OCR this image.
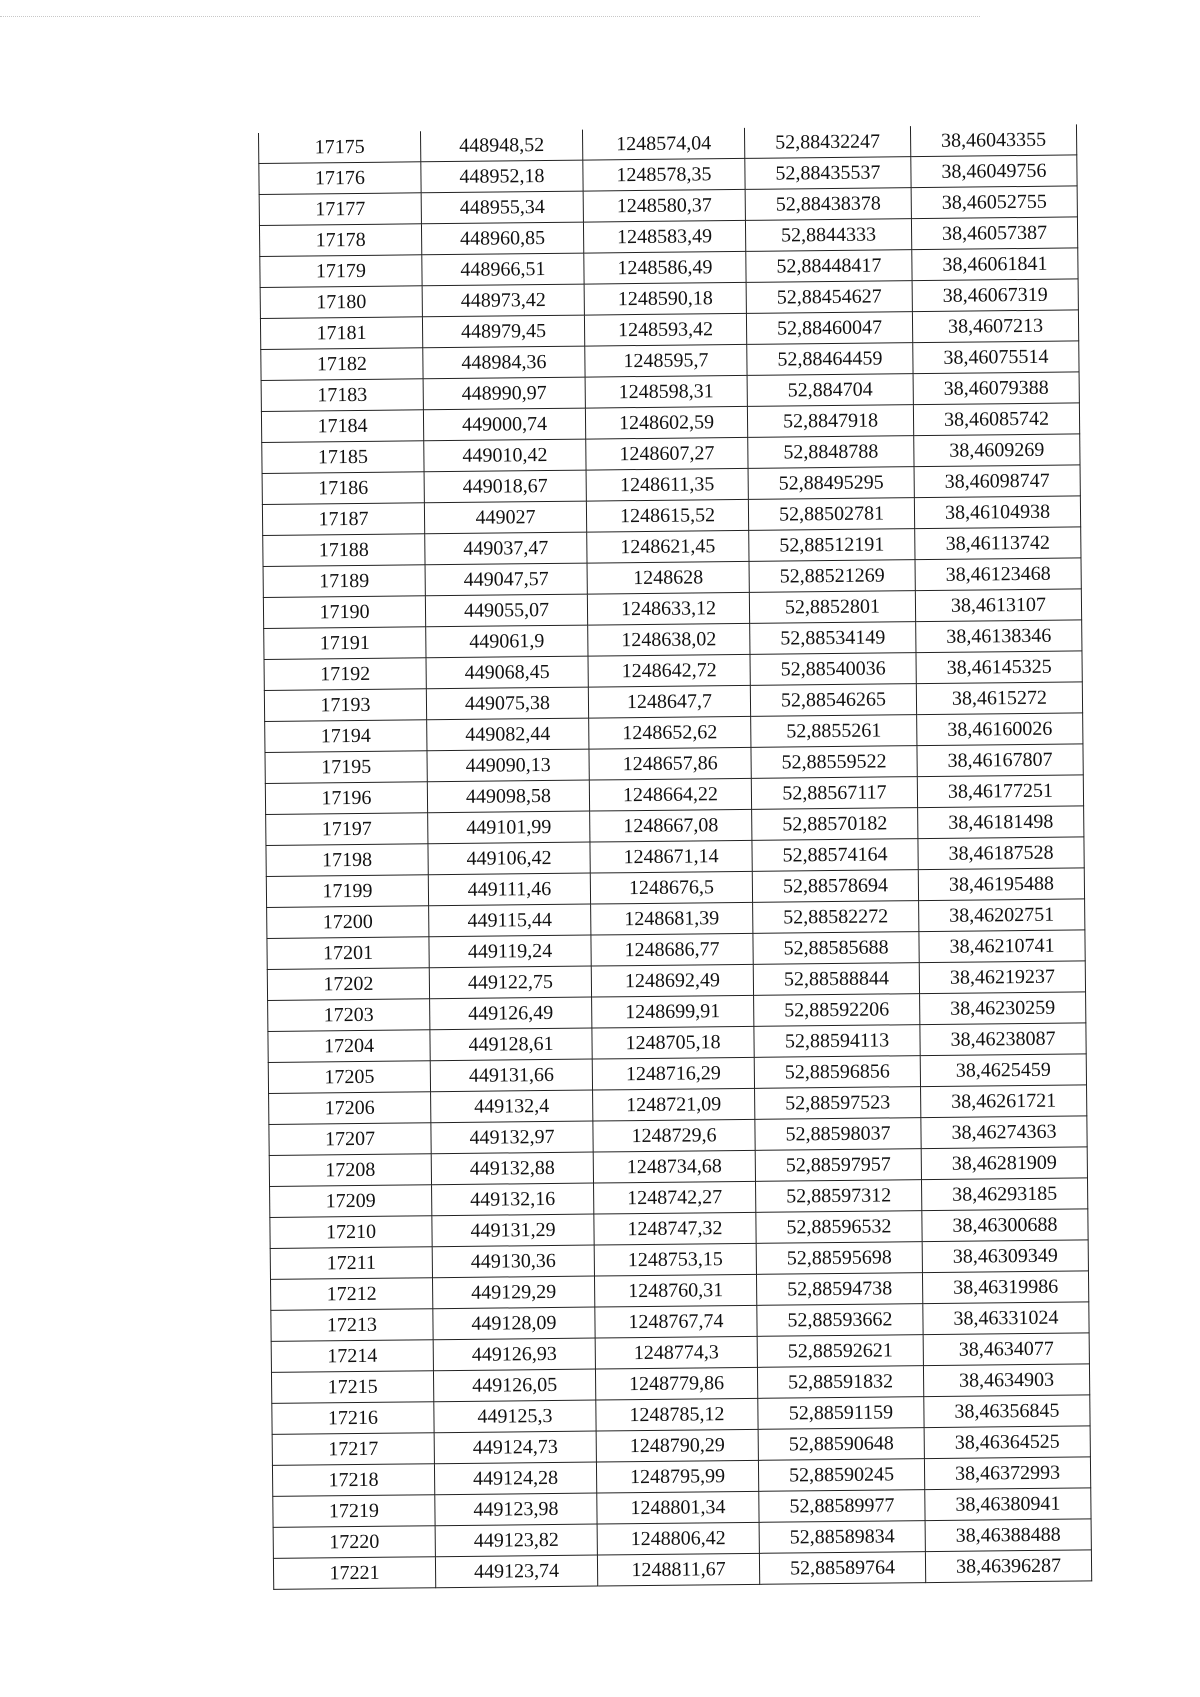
17175	448948,52	1248574,04	52,88432247	38,46043355
17176	448952,18	1248578,35	52,88435537	38,46049756
17177	448955,34	1248580,37	52,88438378	38,46052755
17178	448960,85	1248583,49	52,8844333	38,46057387
17179	448966,51	1248586,49	52,88448417	38,46061841
17180	448973,42	1248590,18	52,88454627	38,46067319
17181	448979,45	1248593,42	52,88460047	38,4607213
17182	448984,36	1248595,7	52,88464459	38,46075514
17183	448990,97	1248598,31	52,884704	38,46079388
17184	449000,74	1248602,59	52,8847918	38,46085742
17185	449010,42	1248607,27	52,8848788	38,4609269
17186	449018,67	1248611,35	52,88495295	38,46098747
17187	449027	1248615,52	52,88502781	38,46104938
17188	449037,47	1248621,45	52,88512191	38,46113742
17189	449047,57	1248628	52,88521269	38,46123468
17190	449055,07	1248633,12	52,8852801	38,4613107
17191	449061,9	1248638,02	52,88534149	38,46138346
17192	449068,45	1248642,72	52,88540036	38,46145325
17193	449075,38	1248647,7	52,88546265	38,4615272
17194	449082,44	1248652,62	52,8855261	38,46160026
17195	449090,13	1248657,86	52,88559522	38,46167807
17196	449098,58	1248664,22	52,88567117	38,46177251
17197	449101,99	1248667,08	52,88570182	38,46181498
17198	449106,42	1248671,14	52,88574164	38,46187528
17199	449111,46	1248676,5	52,88578694	38,46195488
17200	449115,44	1248681,39	52,88582272	38,46202751
17201	449119,24	1248686,77	52,88585688	38,46210741
17202	449122,75	1248692,49	52,88588844	38,46219237
17203	449126,49	1248699,91	52,88592206	38,46230259
17204	449128,61	1248705,18	52,88594113	38,46238087
17205	449131,66	1248716,29	52,88596856	38,4625459
17206	449132,4	1248721,09	52,88597523	38,46261721
17207	449132,97	1248729,6	52,88598037	38,46274363
17208	449132,88	1248734,68	52,88597957	38,46281909
17209	449132,16	1248742,27	52,88597312	38,46293185
17210	449131,29	1248747,32	52,88596532	38,46300688
17211	449130,36	1248753,15	52,88595698	38,46309349
17212	449129,29	1248760,31	52,88594738	38,46319986
17213	449128,09	1248767,74	52,88593662	38,46331024
17214	449126,93	1248774,3	52,88592621	38,4634077
17215	449126,05	1248779,86	52,88591832	38,4634903
17216	449125,3	1248785,12	52,88591159	38,46356845
17217	449124,73	1248790,29	52,88590648	38,46364525
17218	449124,28	1248795,99	52,88590245	38,46372993
17219	449123,98	1248801,34	52,88589977	38,46380941
17220	449123,82	1248806,42	52,88589834	38,46388488
17221	449123,74	1248811,67	52,88589764	38,46396287
